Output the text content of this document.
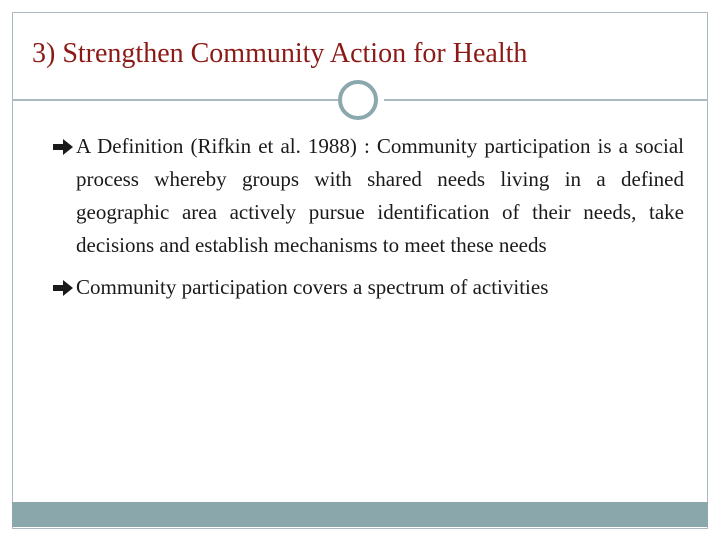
3) Strengthen Community Action for Health
A Definition (Rifkin et al. 1988) : Community participation is a social process whereby groups with shared needs living in a defined geographic area actively pursue identification of their needs, take decisions and establish mechanisms to meet these needs
Community participation covers a spectrum of activities
